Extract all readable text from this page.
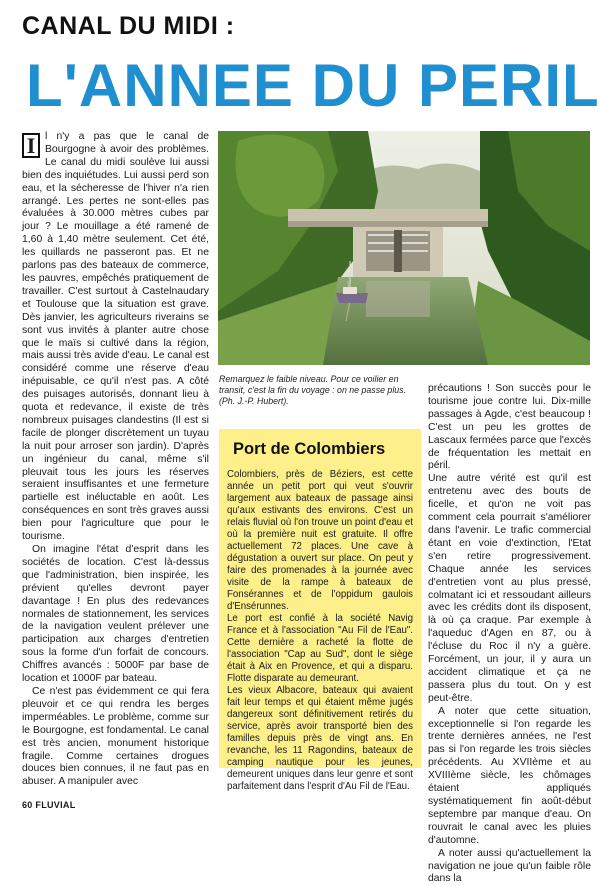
CANAL DU MIDI :
L'ANNEE DU PERIL
I l n'y a pas que le canal de Bourgogne à avoir des problèmes. Le canal du midi soulève lui aussi bien des inquiétudes. Lui aussi perd son eau, et la sécheresse de l'hiver n'a rien arrangé. Les pertes ne sont-elles pas évaluées à 30.000 mètres cubes par jour ? Le mouillage a été ramené de 1,60 à 1,40 mètre seulement. Cet été, les quillards ne passeront pas. Et ne parlons pas des bateaux de commerce, les pauvres, empêchés pratiquement de travailler. C'est surtout à Castelnaudary et Toulouse que la situation est grave. Dès janvier, les agriculteurs riverains se sont vus invités à planter autre chose que le maïs si cultivé dans la région, mais aussi très avide d'eau. Le canal est considéré comme une réserve d'eau inépuisable, ce qu'il n'est pas. A côté des puisages autorisés, donnant lieu à quota et redevance, il existe de très nombreux puisages clandestins (Il est si facile de plonger discrètement un tuyau la nuit pour arroser son jardin). D'après un ingénieur du canal, même s'il pleuvait tous les jours les réserves seraient insuffisantes et une fermeture partielle est inéluctable en août. Les conséquences en sont très graves aussi bien pour l'agriculture que pour le tourisme.

On imagine l'état d'esprit dans les sociétés de location. C'est là-dessus que l'administration, bien inspirée, les prévient qu'elles devront payer davantage ! En plus des redevances normales de stationnement, les services de la navigation veulent prélever une participation aux charges d'entretien sous la forme d'un forfait de concours. Chiffres avancés : 5000F par base de location et 1000F par bateau.

Ce n'est pas évidemment ce qui fera pleuvoir et ce qui rendra les berges imperméables. Le problème, comme sur le Bourgogne, est fondamental. Le canal est très ancien, monument historique fragile. Comme certaines drogues douces bien connues, il ne faut pas en abuser. A manipuler avec

Remarquez le faible niveau. Pour ce voilier en transit, c'est la fin du voyage : on ne passe plus. (Ph. J.-P. Hubert).
Port de Colombiers

Colombiers, près de Béziers, est cette année un petit port qui veut s'ouvrir largement aux bateaux de passage ainsi qu'aux estivants des environs. C'est un relais fluvial où l'on trouve un point d'eau et où la première nuit est gratuite. Il offre actuellement 72 places. Une cave à dégustation a ouvert sur place. On peut y faire des promenades à la journée avec visite de la rampe à bateaux de Fonsérannes et de l'oppidum gaulois d'Ensérunnes.

Le port est confié à la société Navig France et à l'association "Au Fil de l'Eau". Cette dernière a racheté la flotte de l'association "Cap au Sud", dont le siège était à Aix en Provence, et qui a disparu. Flotte disparate au demeurant.

Les vieux Albacore, bateaux qui avaient fait leur temps et qui étaient même jugés dangereux sont définitivement retirés du service, après avoir transporté bien des familles depuis près de vingt ans. En revanche, les 11 Ragondins, bateaux de camping nautique pour les jeunes, demeurent uniques dans leur genre et sont parfaitement dans l'esprit d'Au Fil de l'Eau.

précautions ! Son succès pour le tourisme joue contre lui. Dix-mille passages à Agde, c'est beaucoup ! C'est un peu les grottes de Lascaux fermées parce que l'excès de fréquentation les mettait en péril.

Une autre vérité est qu'il est entretenu avec des bouts de ficelle, et qu'on ne voit pas comment cela pourrait s'améliorer dans l'avenir. Le trafic commercial étant en voie d'extinction, l'Etat s'en retire progressivement. Chaque année les services d'entretien vont au plus pressé, colmatant ici et ressoudant ailleurs avec les crédits dont ils disposent, là où ça craque. Par exemple à l'aqueduc d'Agen en 87, ou à l'écluse du Roc il n'y a guère. Forcément, un jour, il y aura un accident climatique et ça ne passera plus du tout. On y est peut-être.

A noter que cette situation, exceptionnelle si l'on regarde les trente dernières années, ne l'est pas si l'on regarde les trois siècles précédents. Au XVIIème et au XVIIIème siècle, les chômages étaient appliqués systématiquement fin août-début septembre par manque d'eau. On rouvrait le canal avec les pluies d'automne.

A noter aussi qu'actuellement la navigation ne joue qu'un faible rôle dans la

60 FLUVIAL
